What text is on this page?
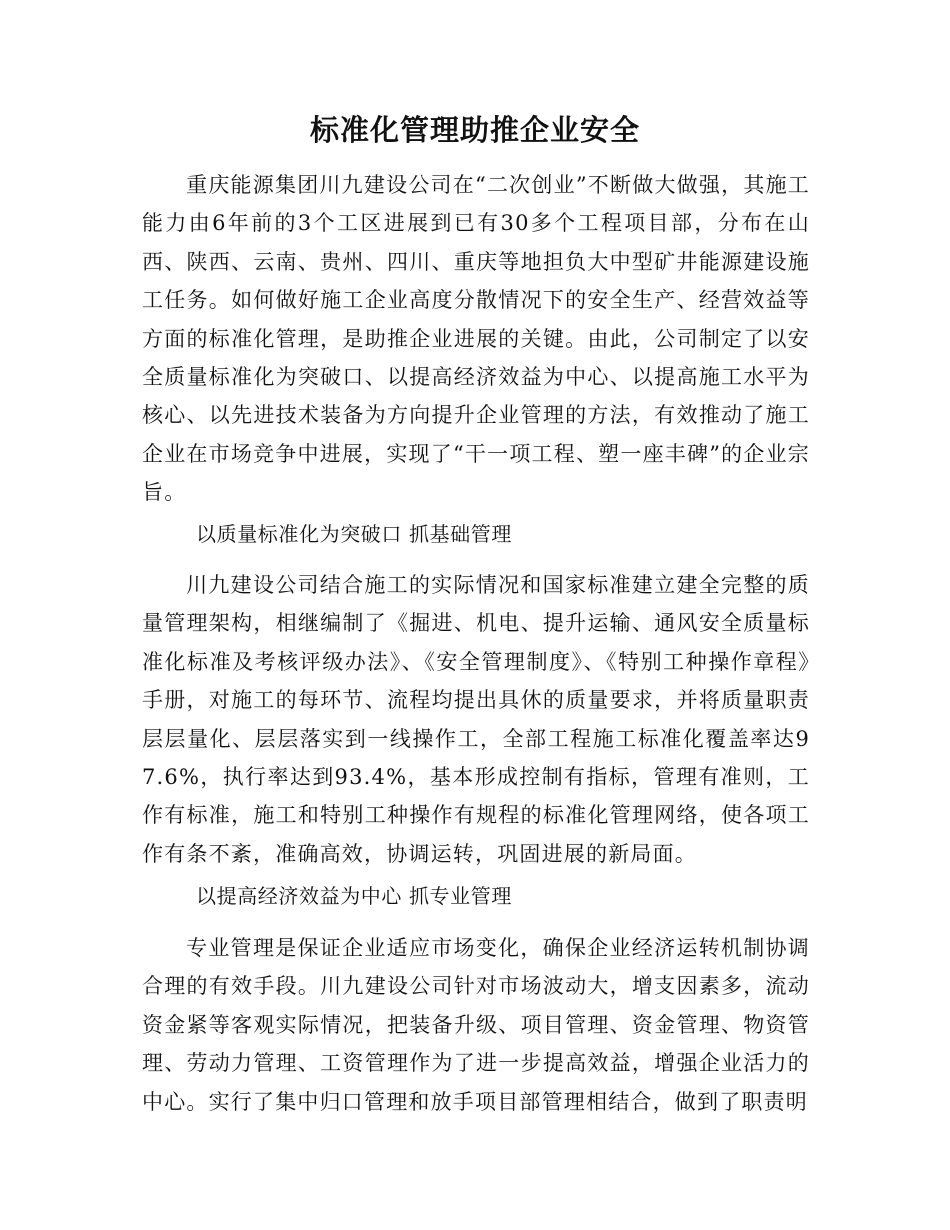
标准化管理助推企业安全

重庆能源集团川九建设公司在“二次创业”不断做大做强，其施工能力由6年前的3个工区进展到已有30多个工程项目部，分布在山西、陕西、云南、贵州、四川、重庆等地担负大中型矿井能源建设施工任务。如何做好施工企业高度分散情况下的安全生产、经营效益等方面的标准化管理，是助推企业进展的关键。由此，公司制定了以安全质量标准化为突破口、以提高经济效益为中心、以提高施工水平为核心、以先进技术装备为方向提升企业管理的方法，有效推动了施工企业在市场竞争中进展，实现了“干一项工程、塑一座丰碑”的企业宗旨。

以质量标准化为突破口 抓基础管理

川九建设公司结合施工的实际情况和国家标准建立建全完整的质量管理架构，相继编制了《掘进、机电、提升运输、通风安全质量标准化标准及考核评级办法》、《安全管理制度》、《特别工种操作章程》手册，对施工的每环节、流程均提出具休的质量要求，并将质量职责层层量化、层层落实到一线操作工，全部工程施工标准化覆盖率达97.6%，执行率达到93.4%，基本形成控制有指标，管理有准则，工作有标准，施工和特别工种操作有规程的标准化管理网络，使各项工作有条不紊，准确高效，协调运转，巩固进展的新局面。

以提高经济效益为中心 抓专业管理

专业管理是保证企业适应市场变化，确保企业经济运转机制协调合理的有效手段。川九建设公司针对市场波动大，增支因素多，流动资金紧等客观实际情况，把装备升级、项目管理、资金管理、物资管理、劳动力管理、工资管理作为了进一步提高效益，增强企业活力的中心。实行了集中归口管理和放手项目部管理相结合，做到了职责明
